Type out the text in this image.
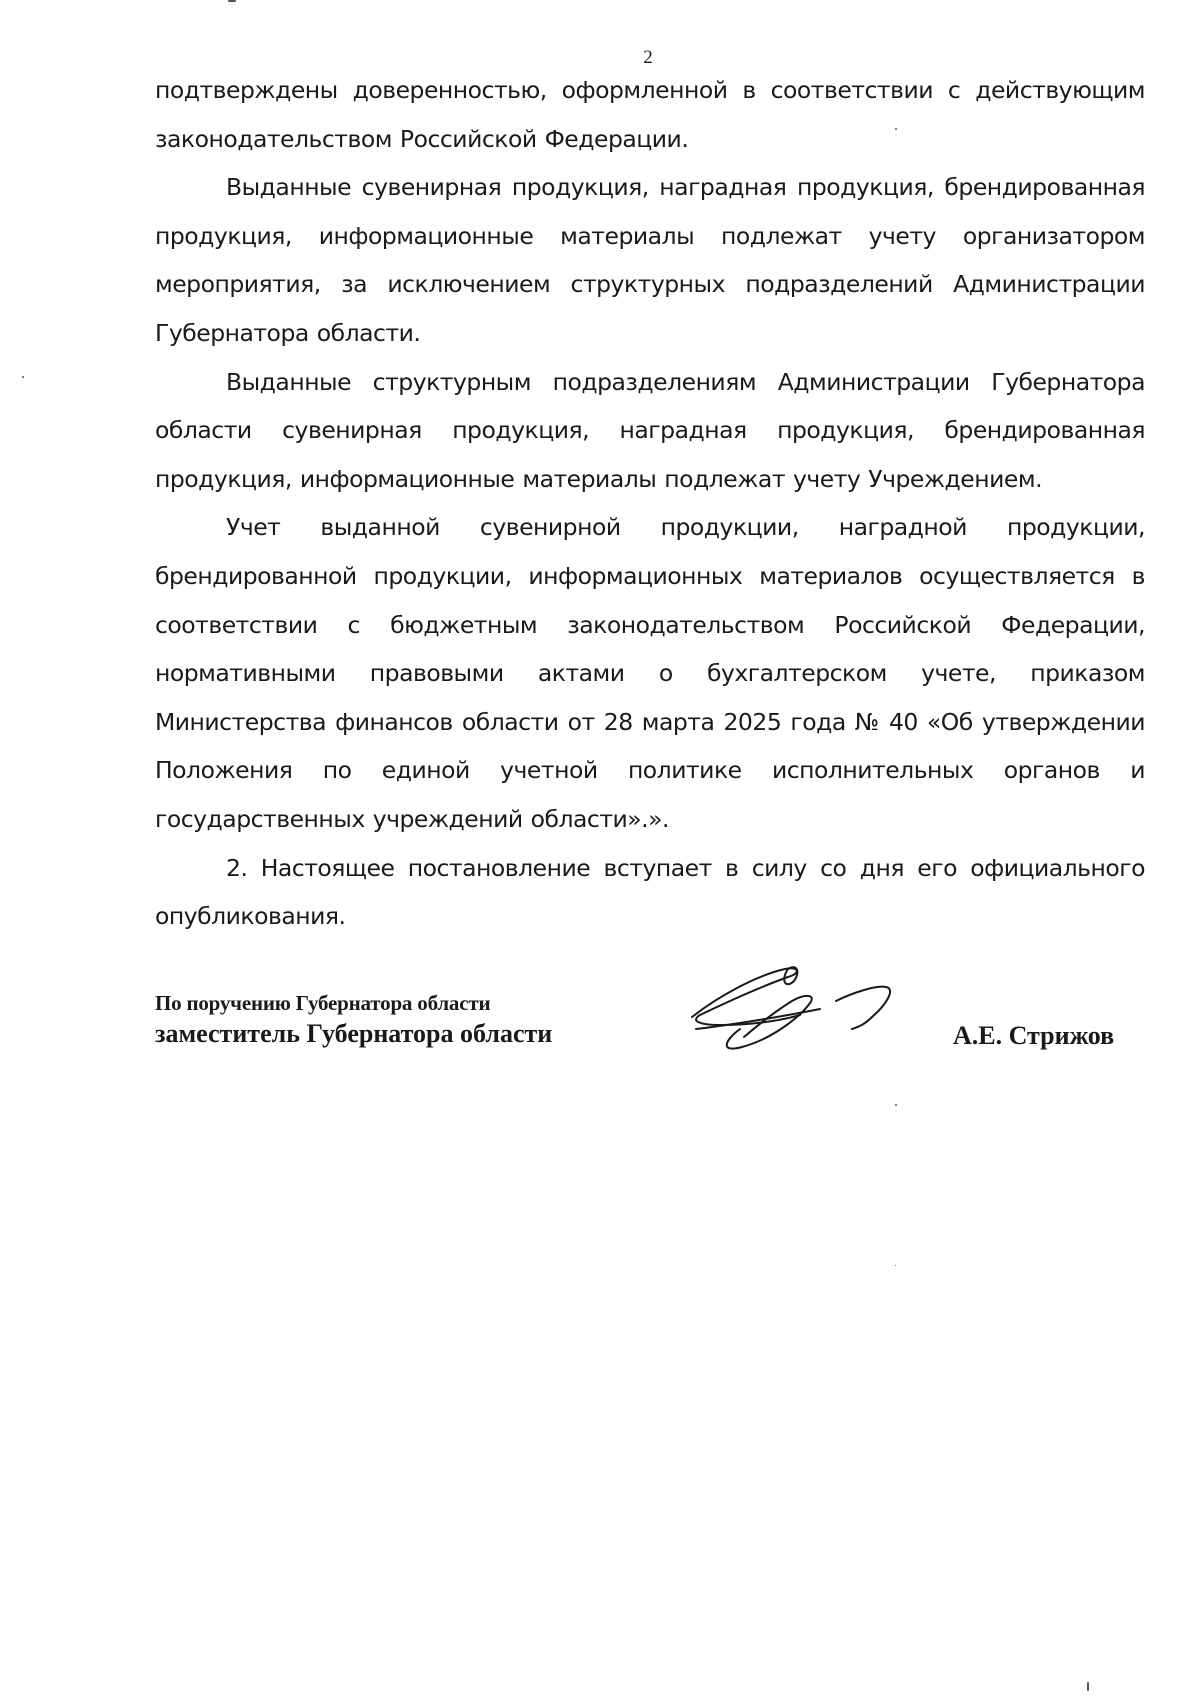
2

подтверждены доверенностью, оформленной в соответствии с действующим законодательством Российской Федерации.

Выданные сувенирная продукция, наградная продукция, брендированная продукция, информационные материалы подлежат учету организатором мероприятия, за исключением структурных подразделений Администрации Губернатора области.

Выданные структурным подразделениям Администрации Губернатора области сувенирная продукция, наградная продукция, брендированная продукция, информационные материалы подлежат учету Учреждением.

Учет выданной сувенирной продукции, наградной продукции, брендированной продукции, информационных материалов осуществляется в соответствии с бюджетным законодательством Российской Федерации, нормативными правовыми актами о бухгалтерском учете, приказом Министерства финансов области от 28 марта 2025 года № 40 «Об утверждении Положения по единой учетной политике исполнительных органов и государственных учреждений области».».

2. Настоящее постановление вступает в силу со дня его официального опубликования.

По поручению Губернатора области
заместитель Губернатора области	А.Е. Стрижов
